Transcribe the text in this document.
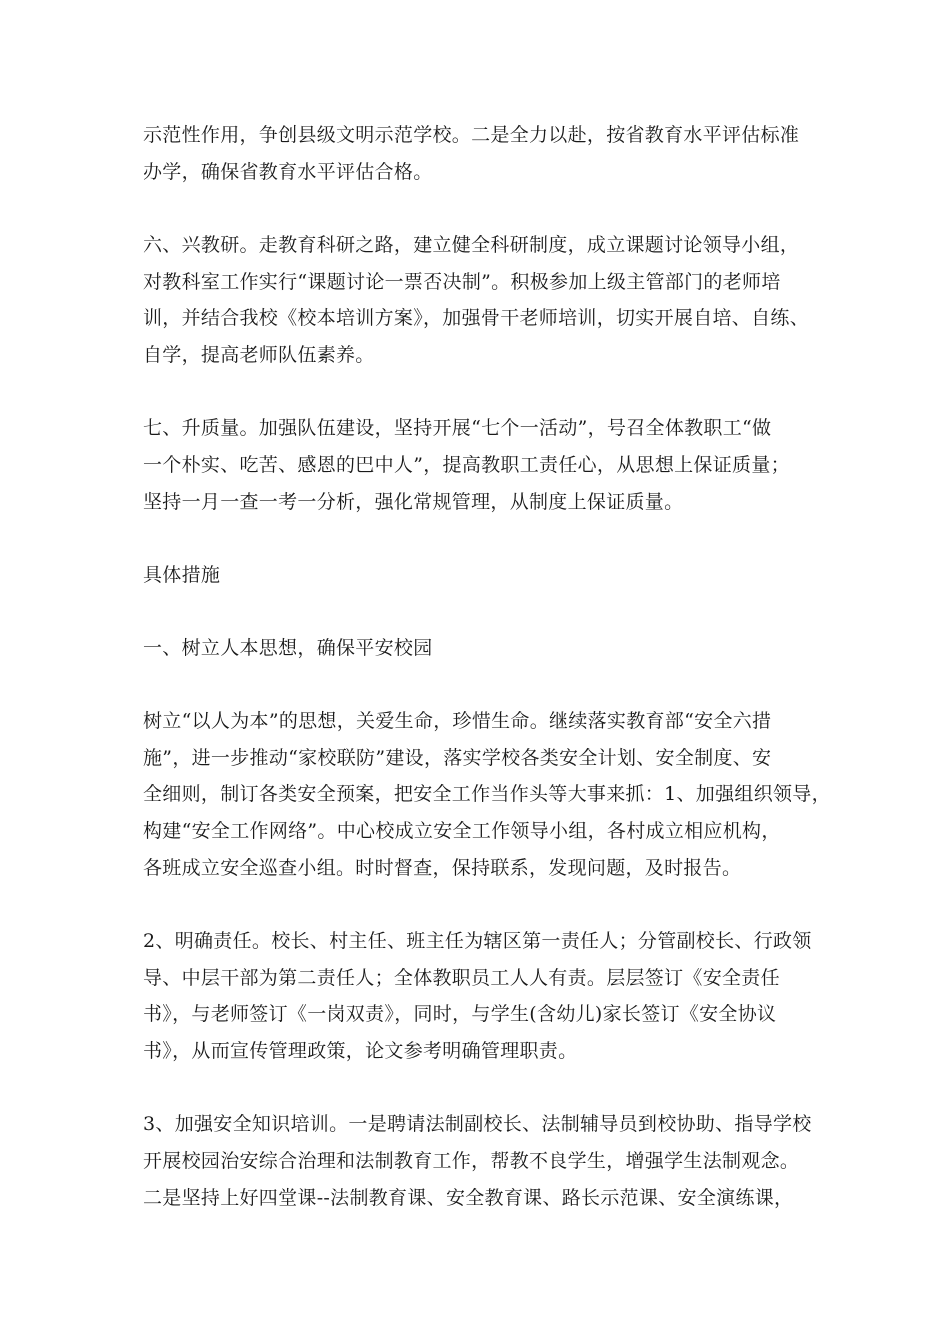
示范性作用，争创县级文明示范学校。二是全力以赴，按省教育水平评估标准
办学，确保省教育水平评估合格。

六、兴教研。走教育科研之路，建立健全科研制度，成立课题讨论领导小组，
对教科室工作实行“课题讨论一票否决制”。积极参加上级主管部门的老师培
训，并结合我校《校本培训方案》，加强骨干老师培训，切实开展自培、自练、
自学，提高老师队伍素养。

七、升质量。加强队伍建设，坚持开展“七个一活动”，号召全体教职工“做
一个朴实、吃苦、感恩的巴中人”，提高教职工责任心，从思想上保证质量；
坚持一月一查一考一分析，强化常规管理，从制度上保证质量。

具体措施

一、树立人本思想，确保平安校园

树立“以人为本”的思想，关爱生命，珍惜生命。继续落实教育部“安全六措
施”，进一步推动“家校联防”建设，落实学校各类安全计划、安全制度、安
全细则，制订各类安全预案，把安全工作当作头等大事来抓：1、加强组织领导，
构建“安全工作网络”。中心校成立安全工作领导小组，各村成立相应机构，
各班成立安全巡查小组。时时督查，保持联系，发现问题，及时报告。

2、明确责任。校长、村主任、班主任为辖区第一责任人；分管副校长、行政领
导、中层干部为第二责任人；全体教职员工人人有责。层层签订《安全责任
书》，与老师签订《一岗双责》，同时，与学生(含幼儿)家长签订《安全协议
书》，从而宣传管理政策，论文参考明确管理职责。

3、加强安全知识培训。一是聘请法制副校长、法制辅导员到校协助、指导学校
开展校园治安综合治理和法制教育工作，帮教不良学生，增强学生法制观念。
二是坚持上好四堂课--法制教育课、安全教育课、路长示范课、安全演练课，
